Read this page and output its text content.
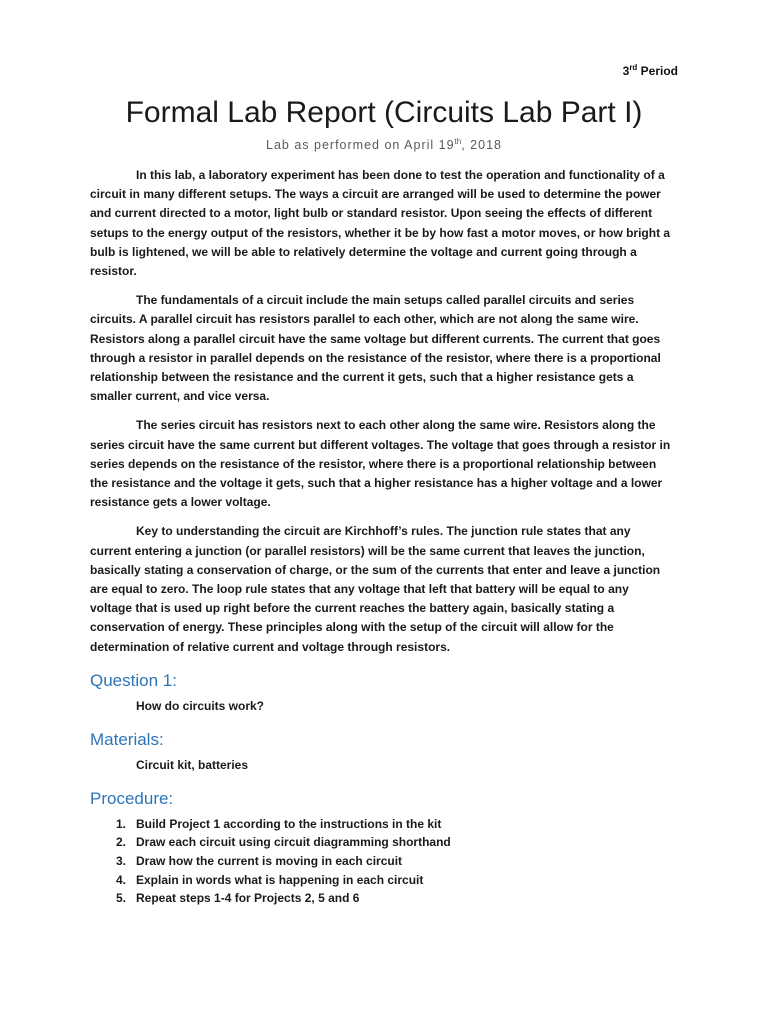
3rd Period
Formal Lab Report (Circuits Lab Part I)
Lab as performed on April 19th, 2018

In this lab, a laboratory experiment has been done to test the operation and functionality of a circuit in many different setups. The ways a circuit are arranged will be used to determine the power and current directed to a motor, light bulb or standard resistor. Upon seeing the effects of different setups to the energy output of the resistors, whether it be by how fast a motor moves, or how bright a bulb is lightened, we will be able to relatively determine the voltage and current going through a resistor.

The fundamentals of a circuit include the main setups called parallel circuits and series circuits. A parallel circuit has resistors parallel to each other, which are not along the same wire. Resistors along a parallel circuit have the same voltage but different currents. The current that goes through a resistor in parallel depends on the resistance of the resistor, where there is a proportional relationship between the resistance and the current it gets, such that a higher resistance gets a smaller current, and vice versa.

The series circuit has resistors next to each other along the same wire. Resistors along the series circuit have the same current but different voltages. The voltage that goes through a resistor in series depends on the resistance of the resistor, where there is a proportional relationship between the resistance and the voltage it gets, such that a higher resistance has a higher voltage and a lower resistance gets a lower voltage.

Key to understanding the circuit are Kirchhoff’s rules. The junction rule states that any current entering a junction (or parallel resistors) will be the same current that leaves the junction, basically stating a conservation of charge, or the sum of the currents that enter and leave a junction are equal to zero. The loop rule states that any voltage that left that battery will be equal to any voltage that is used up right before the current reaches the battery again, basically stating a conservation of energy. These principles along with the setup of the circuit will allow for the determination of relative current and voltage through resistors.

Question 1:

How do circuits work?

Materials:

Circuit kit, batteries

Procedure:
1. Build Project 1 according to the instructions in the kit
2. Draw each circuit using circuit diagramming shorthand
3. Draw how the current is moving in each circuit
4. Explain in words what is happening in each circuit
5. Repeat steps 1-4 for Projects 2, 5 and 6
